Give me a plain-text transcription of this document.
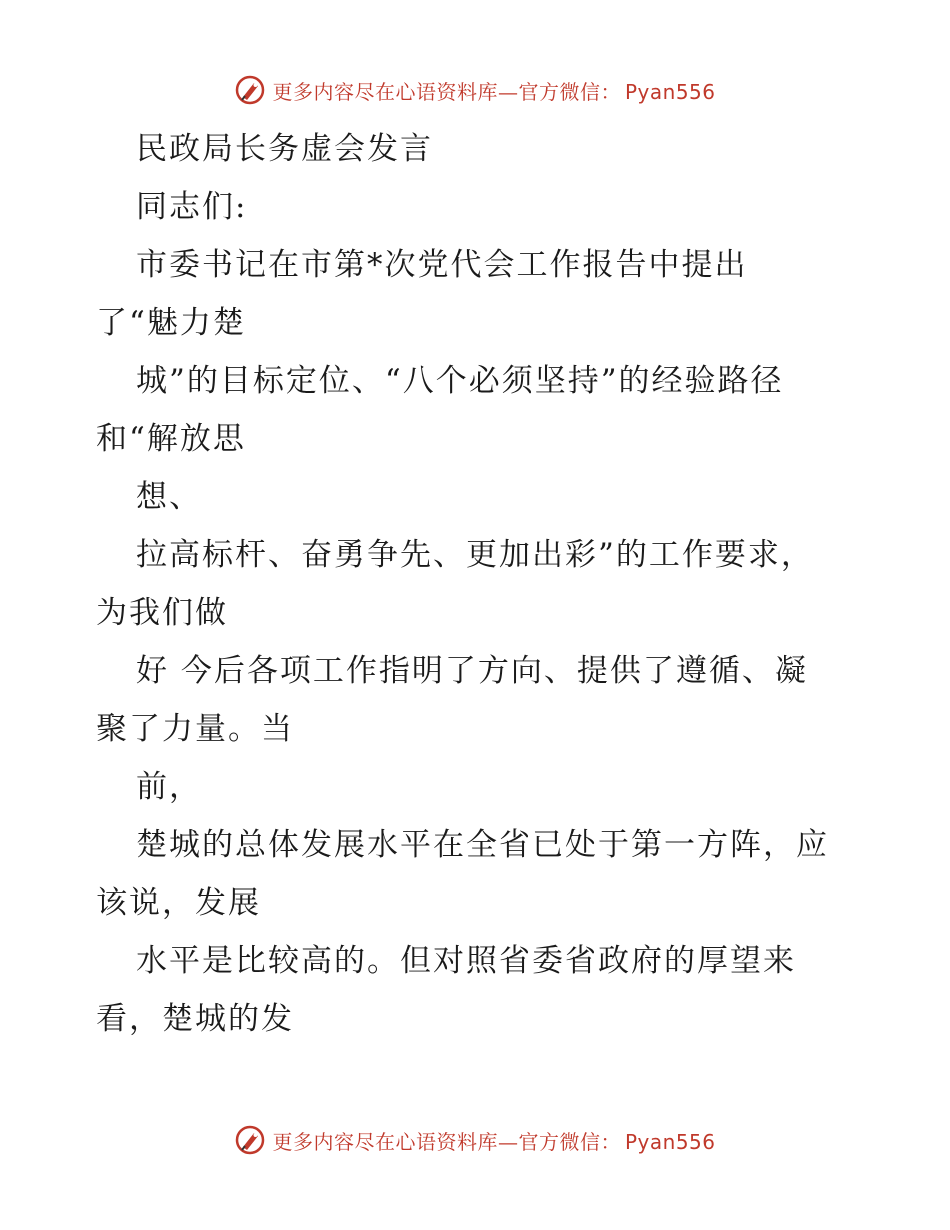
更多内容尽在心语资料库—官方微信： Pyan556
民政局长务虚会发言
同志们:
市委书记在市第*次党代会工作报告中提出
了“魅力楚
城”的目标定位、“八个必须坚持”的经验路径
和“解放思
想、
拉高标杆、奋勇争先、更加出彩”的工作要求，
为我们做
好 今后各项工作指明了方向、提供了遵循、凝
聚了力量。当
前，
楚城的总体发展水平在全省已处于第一方阵，应
该说，发展
水平是比较高的。但对照省委省政府的厚望来
看，楚城的发
更多内容尽在心语资料库—官方微信： Pyan556
